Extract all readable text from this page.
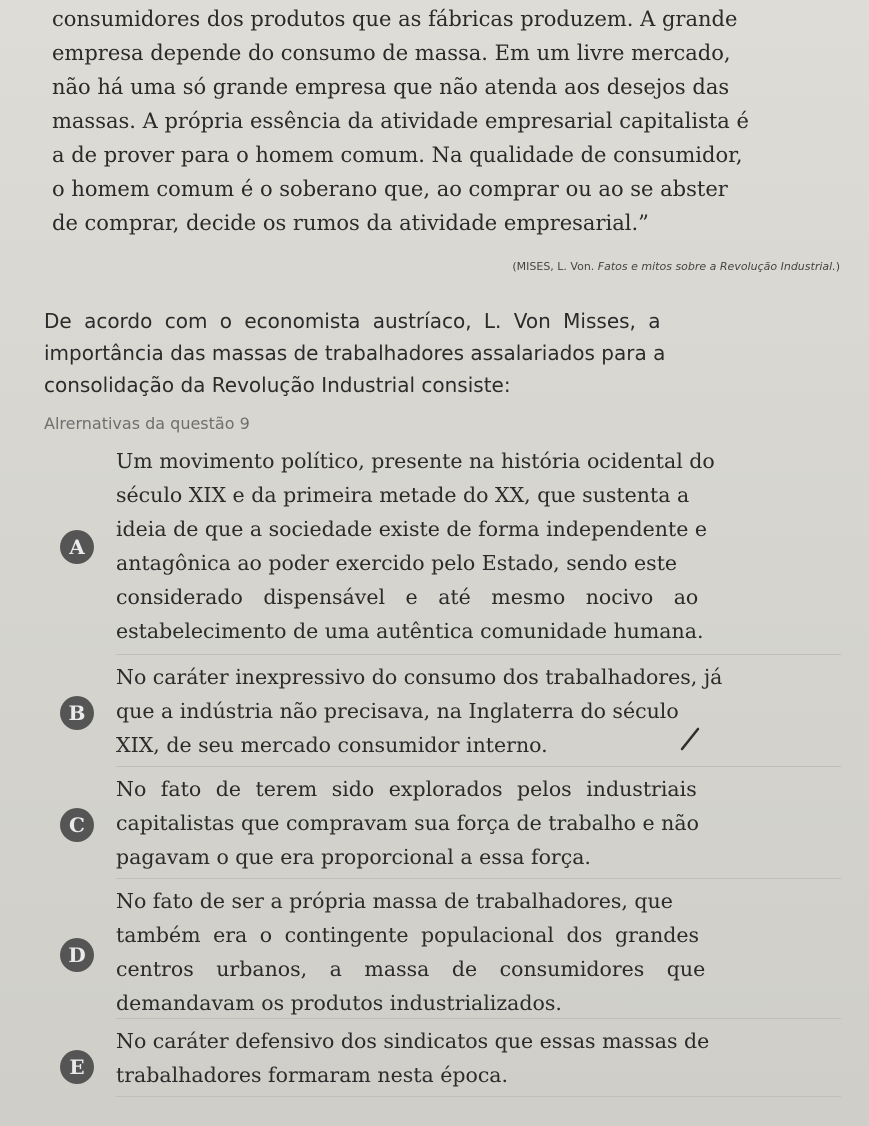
consumidores dos produtos que as fábricas produzem. A grande
empresa depende do consumo de massa. Em um livre mercado,
não há uma só grande empresa que não atenda aos desejos das
massas. A própria essência da atividade empresarial capitalista é
a de prover para o homem comum. Na qualidade de consumidor,
o homem comum é o soberano que, ao comprar ou ao se abster
de comprar, decide os rumos da atividade empresarial.”
(MISES, L. Von. Fatos e mitos sobre a Revolução Industrial.)
De acordo com o economista austríaco, L. Von Misses, a
importância das massas de trabalhadores assalariados para a
consolidação da Revolução Industrial consiste:
Alrernativas da questão 9
A
Um movimento político, presente na história ocidental do
século XIX e da primeira metade do XX, que sustenta a
ideia de que a sociedade existe de forma independente e
antagônica ao poder exercido pelo Estado, sendo este
considerado dispensável e até mesmo nocivo ao
estabelecimento de uma autêntica comunidade humana.
B
No caráter inexpressivo do consumo dos trabalhadores, já
que a indústria não precisava, na Inglaterra do século
XIX, de seu mercado consumidor interno.
C
No fato de terem sido explorados pelos industriais
capitalistas que compravam sua força de trabalho e não
pagavam o que era proporcional a essa força.
D
No fato de ser a própria massa de trabalhadores, que
também era o contingente populacional dos grandes
centros urbanos, a massa de consumidores que
demandavam os produtos industrializados.
E
No caráter defensivo dos sindicatos que essas massas de
trabalhadores formaram nesta época.
